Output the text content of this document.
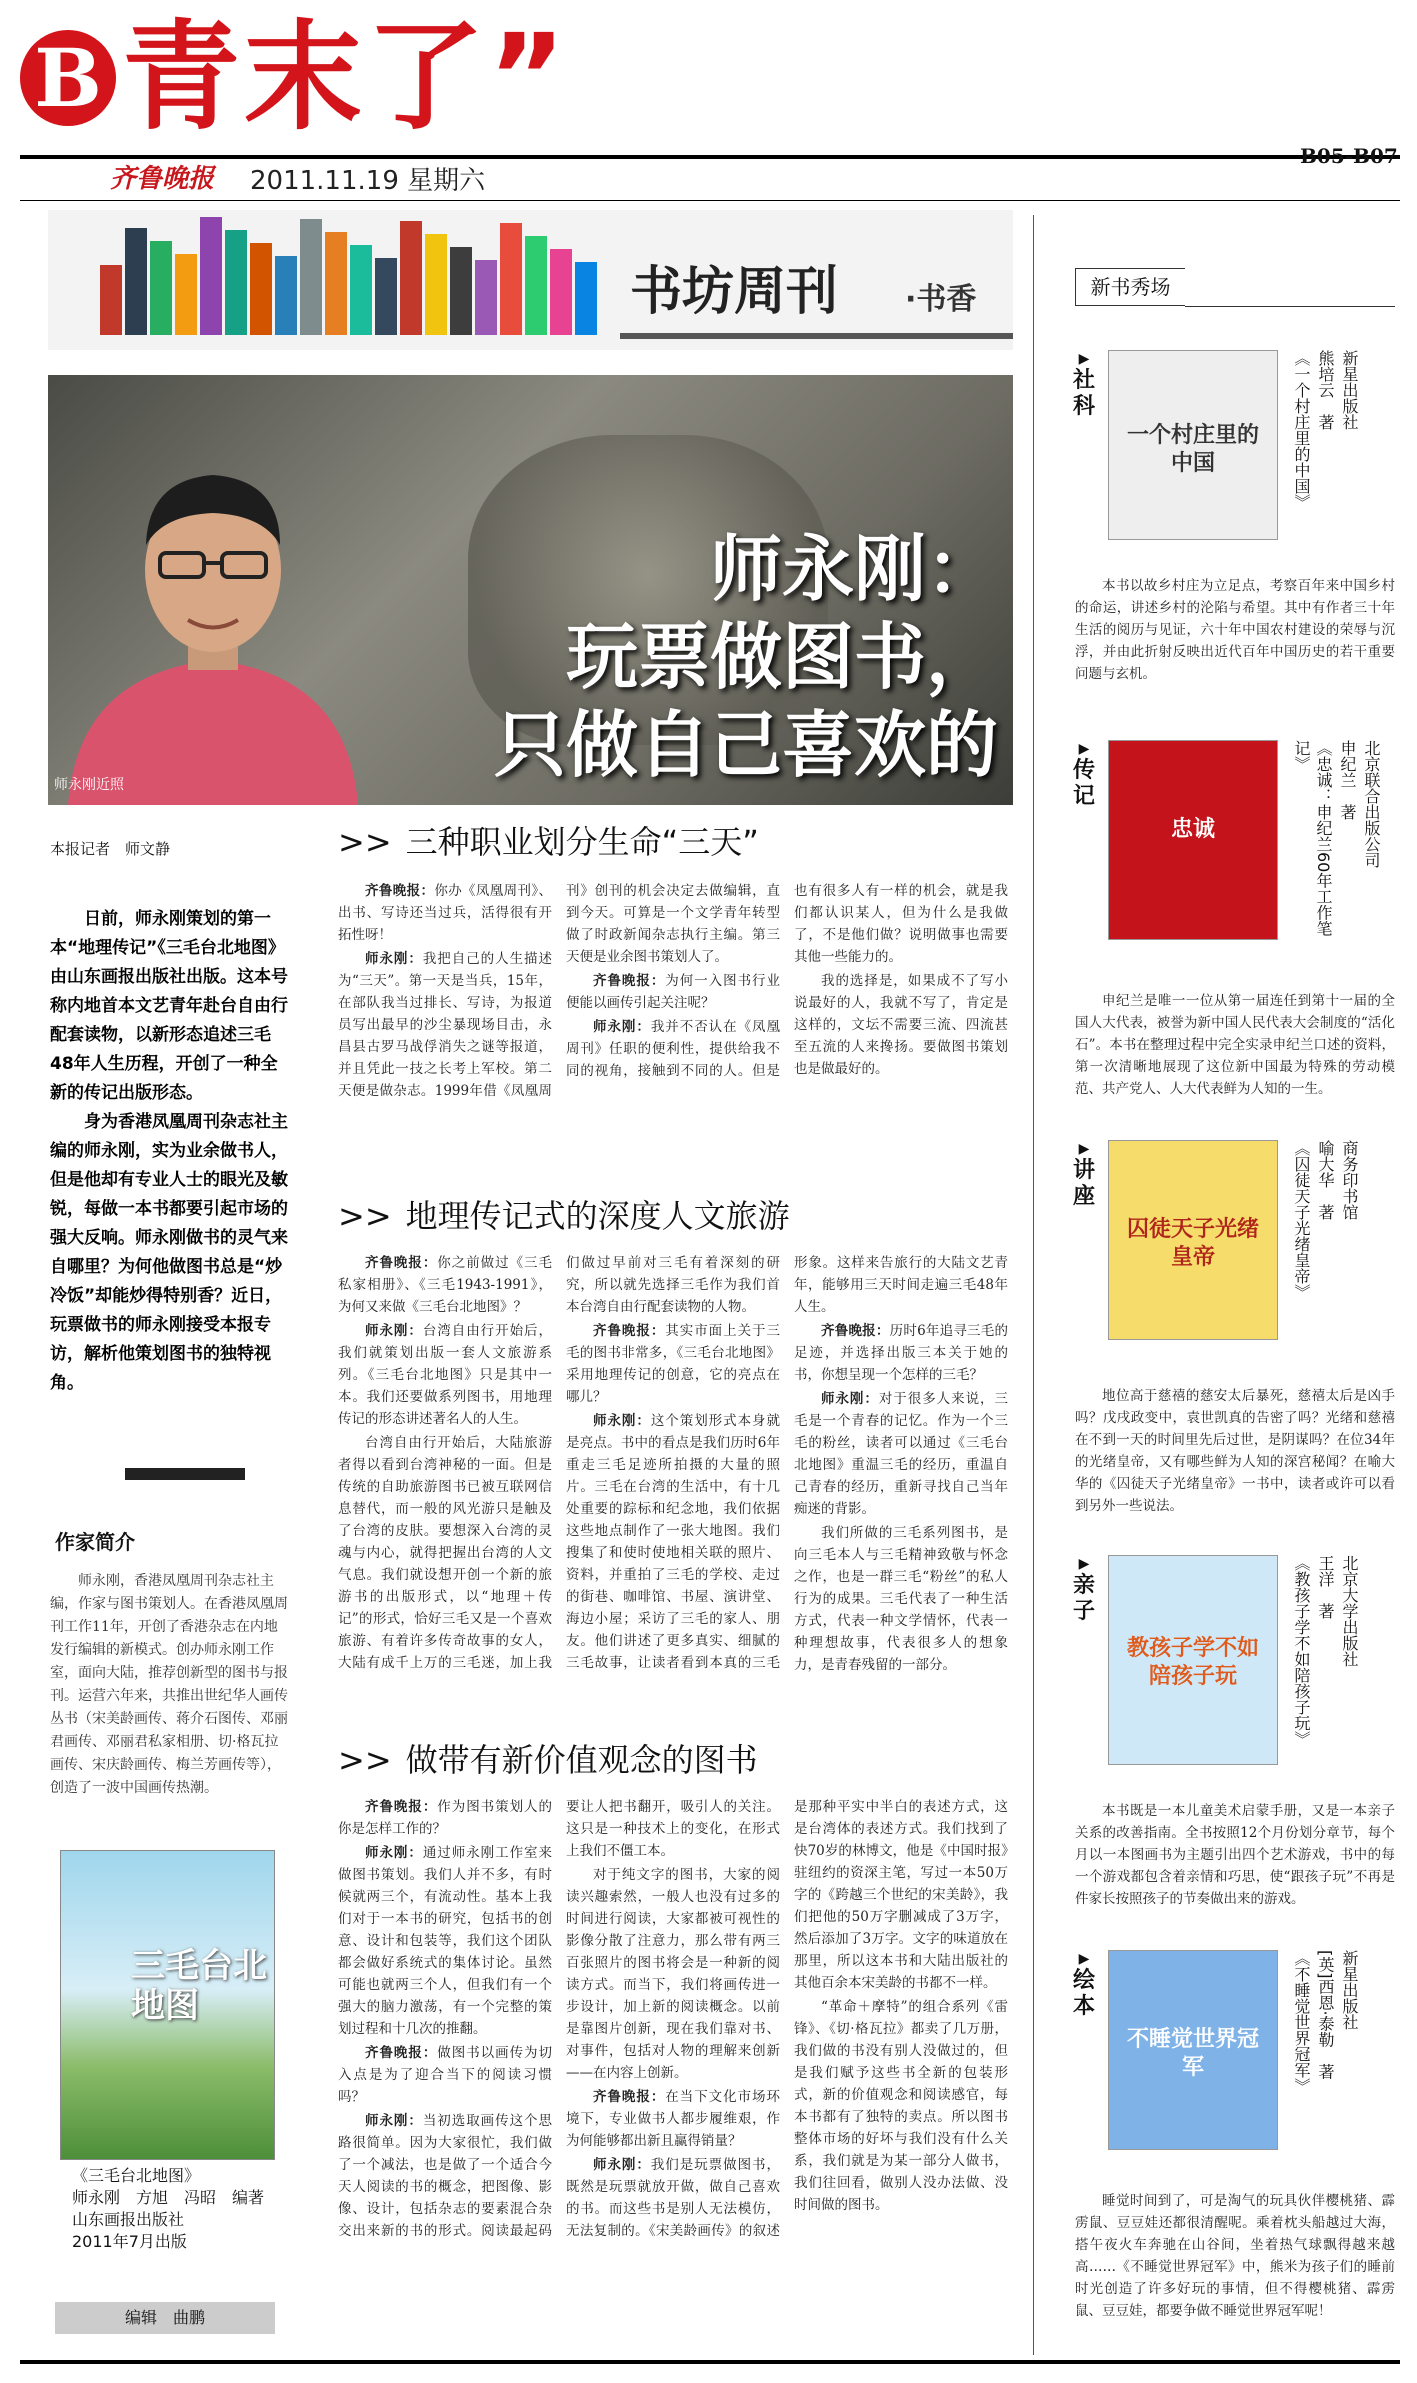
B 青末了”
齐鲁晚报 2011.11.19 星期六
B05-B07
书坊周刊 ·书香
师永刚：
玩票做图书，
只做自己喜欢的
师永刚近照
本报记者　师文静

日前，师永刚策划的第一本“地理传记”《三毛台北地图》由山东画报出版社出版。这本号称内地首本文艺青年赴台自由行配套读物，以新形态追述三毛48年人生历程，开创了一种全新的传记出版形态。

身为香港凤凰周刊杂志社主编的师永刚，实为业余做书人，但是他却有专业人士的眼光及敏锐，每做一本书都要引起市场的强大反响。师永刚做书的灵气来自哪里？为何他做图书总是“炒冷饭”却能炒得特别香？近日，玩票做书的师永刚接受本报专访，解析他策划图书的独特视角。

作家简介
师永刚，香港凤凰周刊杂志社主编，作家与图书策划人。在香港凤凰周刊工作11年，开创了香港杂志在内地发行编辑的新模式。创办师永刚工作室，面向大陆，推荐创新型的图书与报刊。运营六年来，共推出世纪华人画传丛书（宋美龄画传、蒋介石图传、邓丽君画传、邓丽君私家相册、切·格瓦拉画传、宋庆龄画传、梅兰芳画传等），创造了一波中国画传热潮。
三毛台北地图
《三毛台北地图》
师永刚　方旭　冯昭　编著
山东画报出版社
2011年7月出版
编辑　曲鹏
>> 三种职业划分生命“三天”

齐鲁晚报：你办《凤凰周刊》、出书、写诗还当过兵，活得很有开拓性呀！

师永刚：我把自己的人生描述为“三天”。第一天是当兵，15年，在部队我当过排长、写诗，为报道员写出最早的沙尘暴现场目击，永昌县古罗马战俘消失之谜等报道，并且凭此一技之长考上军校。第二天便是做杂志。1999年借《凤凰周刊》创刊的机会决定去做编辑，直到今天。可算是一个文学青年转型做了时政新闻杂志执行主编。第三天便是业余图书策划人了。

齐鲁晚报：为何一入图书行业便能以画传引起关注呢？

师永刚：我并不否认在《凤凰周刊》任职的便利性，提供给我不同的视角，接触到不同的人。但是也有很多人有一样的机会，就是我们都认识某人，但为什么是我做了，不是他们做？说明做事也需要其他一些能力的。

我的选择是，如果成不了写小说最好的人，我就不写了，肯定是这样的，文坛不需要三流、四流甚至五流的人来搀扬。要做图书策划也是做最好的。

>> 地理传记式的深度人文旅游

齐鲁晚报：你之前做过《三毛私家相册》、《三毛1943-1991》，为何又来做《三毛台北地图》？

师永刚：台湾自由行开始后，我们就策划出版一套人文旅游系列。《三毛台北地图》只是其中一本。我们还要做系列图书，用地理传记的形态讲述著名人的人生。

台湾自由行开始后，大陆旅游者得以看到台湾神秘的一面。但是传统的自助旅游图书已被互联网信息替代，而一般的风光游只是触及了台湾的皮肤。要想深入台湾的灵魂与内心，就得把握出台湾的人文气息。我们就设想开创一个新的旅游书的出版形式，以“地理＋传记”的形式，恰好三毛又是一个喜欢旅游、有着许多传奇故事的女人，大陆有成千上万的三毛迷，加上我们做过早前对三毛有着深刻的研究，所以就先选择三毛作为我们首本台湾自由行配套读物的人物。

齐鲁晚报：其实市面上关于三毛的图书非常多，《三毛台北地图》采用地理传记的创意，它的亮点在哪儿？

师永刚：这个策划形式本身就是亮点。书中的看点是我们历时6年重走三毛足迹所拍摄的大量的照片。三毛在台湾的生活中，有十几处重要的踪标和纪念地，我们依据这些地点制作了一张大地图。我们搜集了和使时使地相关联的照片、资料，并重拍了三毛的学校、走过的街巷、咖啡馆、书屋、演讲堂、海边小屋；采访了三毛的家人、朋友。他们讲述了更多真实、细腻的三毛故事，让读者看到本真的三毛形象。这样来告旅行的大陆文艺青年，能够用三天时间走遍三毛48年人生。

齐鲁晚报：历时6年追寻三毛的足迹，并选择出版三本关于她的书，你想呈现一个怎样的三毛？

师永刚：对于很多人来说，三毛是一个青春的记忆。作为一个三毛的粉丝，读者可以通过《三毛台北地图》重温三毛的经历，重温自己青春的经历，重新寻找自己当年痴迷的背影。

我们所做的三毛系列图书，是向三毛本人与三毛精神致敬与怀念之作，也是一群三毛“粉丝”的私人行为的成果。三毛代表了一种生活方式，代表一种文学情怀，代表一种理想故事，代表很多人的想象力，是青春残留的一部分。

>> 做带有新价值观念的图书

齐鲁晚报：作为图书策划人的你是怎样工作的？

师永刚：通过师永刚工作室来做图书策划。我们人并不多，有时候就两三个，有流动性。基本上我们对于一本书的研究，包括书的创意、设计和包装等，我们这个团队都会做好系统式的集体讨论。虽然可能也就两三个人，但我们有一个强大的脑力激荡，有一个完整的策划过程和十几次的推翻。

齐鲁晚报：做图书以画传为切入点是为了迎合当下的阅读习惯吗？

师永刚：当初选取画传这个思路很简单。因为大家很忙，我们做了一个减法，也是做了一个适合今天人阅读的书的概念，把图像、影像、设计，包括杂志的要素混合杂交出来新的书的形式。阅读最起码要让人把书翻开，吸引人的关注。这只是一种技术上的变化，在形式上我们不僵工本。

对于纯文字的图书，大家的阅读兴趣索然，一般人也没有过多的时间进行阅读，大家都被可视性的影像分散了注意力，那么带有两三百张照片的图书将会是一种新的阅读方式。而当下，我们将画传进一步设计，加上新的阅读概念。以前是靠图片创新，现在我们靠对书、对事件，包括对人物的理解来创新——在内容上创新。

齐鲁晚报：在当下文化市场环境下，专业做书人都步履维艰，作为何能够都出新且赢得销量？

师永刚：我们是玩票做图书，既然是玩票就放开做，做自己喜欢的书。而这些书是别人无法模仿，无法复制的。《宋美龄画传》的叙述是那种平实中半白的表述方式，这是台湾体的表述方式。我们找到了快70岁的林博文，他是《中国时报》驻纽约的资深主笔，写过一本50万字的《跨越三个世纪的宋美龄》，我们把他的50万字删减成了3万字，然后添加了3万字。文字的味道放在那里，所以这本书和大陆出版社的其他百余本宋美龄的书都不一样。

“革命＋摩特”的组合系列《雷锋》、《切·格瓦拉》都卖了几万册，我们做的书没有别人没做过的，但是我们赋予这些书全新的包装形式，新的价值观念和阅读感官，每本书都有了独特的卖点。所以图书整体市场的好坏与我们没有什么关系，我们就是为某一部分人做书，我们往回看，做别人没办法做、没时间做的图书。

新书秀场
▶ 社科
一个村庄里的中国
新星出版社
熊培云　著
《一个村庄里的中国》
本书以故乡村庄为立足点，考察百年来中国乡村的命运，讲述乡村的沦陷与希望。其中有作者三十年生活的阅历与见证，六十年中国农村建设的荣辱与沉浮，并由此折射反映出近代百年中国历史的若干重要问题与玄机。
▶ 传记
忠诚	北京联合出版公司
申纪兰　著
《忠诚：申纪兰60年工作笔记》
申纪兰是唯一一位从第一届连任到第十一届的全国人大代表，被誉为新中国人民代表大会制度的“活化石”。本书在整理过程中完全实录申纪兰口述的资料，第一次清晰地展现了这位新中国最为特殊的劳动模范、共产党人、人大代表鲜为人知的一生。
▶ 讲座
囚徒天子光绪皇帝
商务印书馆
喻大华　著
《囚徒天子光绪皇帝》
地位高于慈禧的慈安太后暴死，慈禧太后是凶手吗？戊戌政变中，袁世凯真的告密了吗？光绪和慈禧在不到一天的时间里先后过世，是阴谋吗？在位34年的光绪皇帝，又有哪些鲜为人知的深宫秘闻？在喻大华的《囚徒天子光绪皇帝》一书中，读者或许可以看到另外一些说法。
▶ 亲子
教孩子学不如陪孩子玩
北京大学出版社
王洋　著
《教孩子学不如陪孩子玩》
本书既是一本儿童美术启蒙手册，又是一本亲子关系的改善指南。全书按照12个月份划分章节，每个月以一本图画书为主题引出四个艺术游戏，书中的每一个游戏都包含着亲情和巧思，使“跟孩子玩”不再是件家长按照孩子的节奏做出来的游戏。
▶ 绘本
不睡觉世界冠军
新星出版社
[英]西恩·泰勒　著
《不睡觉世界冠军》
睡觉时间到了，可是淘气的玩具伙伴樱桃猪、霹雳鼠、豆豆娃还都很清醒呢。乘着枕头船越过大海，搭午夜火车奔驰在山谷间，坐着热气球飘得越来越高……《不睡觉世界冠军》中，熊米为孩子们的睡前时光创造了许多好玩的事情，但不得樱桃猪、霹雳鼠、豆豆娃，都要争做不睡觉世界冠军呢！
